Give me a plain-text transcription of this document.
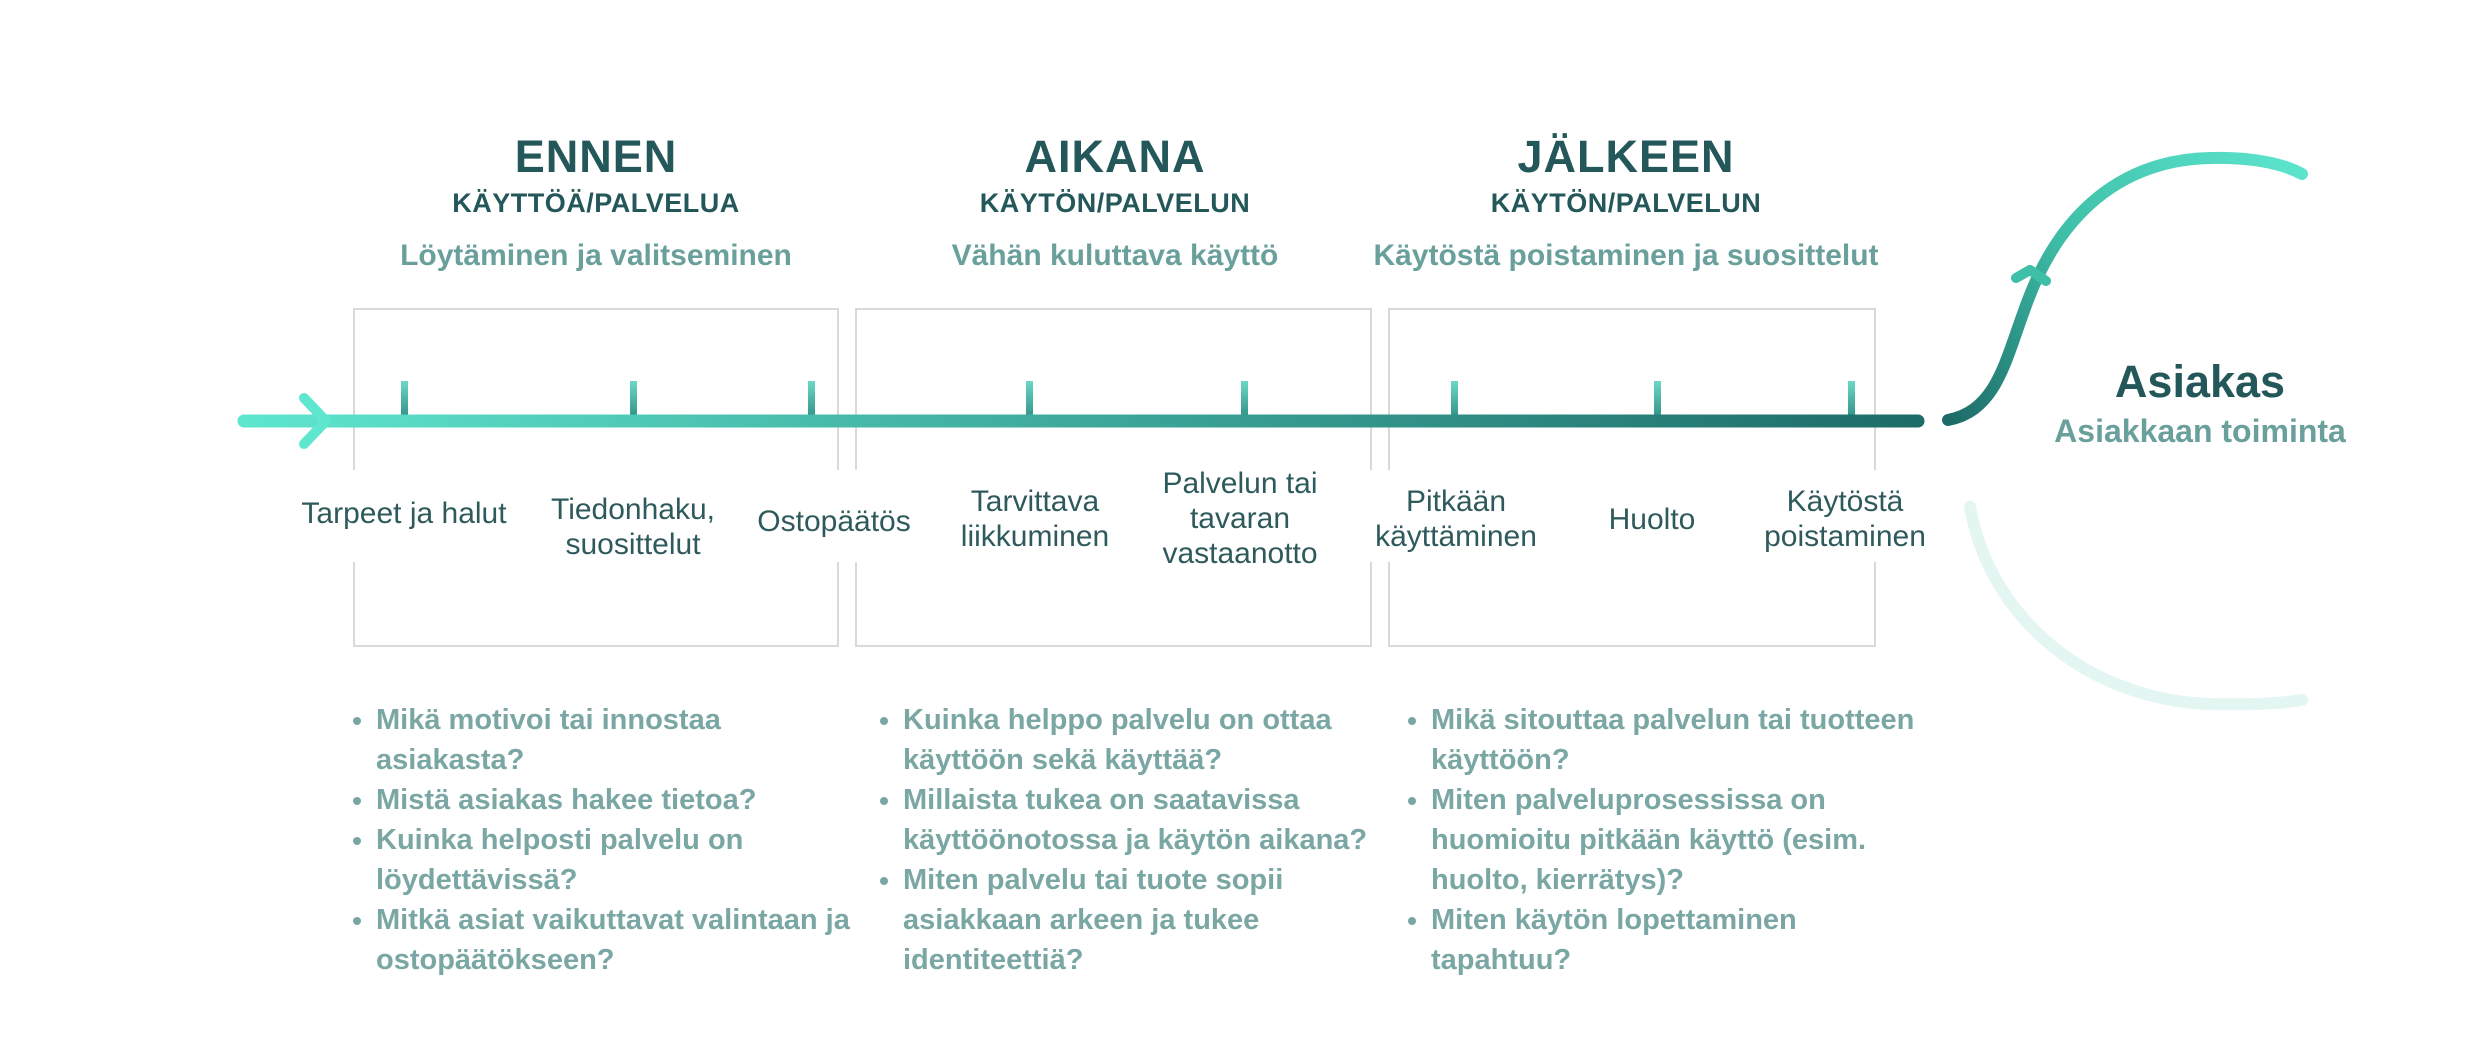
ENNEN
KÄYTTÖÄ/PALVELUA
Löytäminen ja valitseminen
AIKANA
KÄYTÖN/PALVELUN
Vähän kuluttava käyttö
JÄLKEEN
KÄYTÖN/PALVELUN
Käytöstä poistaminen ja suosittelut
Tarpeet ja halut	Tiedonhaku, suosittelut
Ostopäätös
Tarvittava liikkuminen
Palvelun tai tavaran vastaanotto
Pitkään käyttäminen
Huolto
Käytöstä poistaminen
• Mikä motivoi tai innostaa asiakasta?
• Mistä asiakas hakee tietoa?
• Kuinka helposti palvelu on löydettävissä?
• Mitkä asiat vaikuttavat valintaan ja ostopäätökseen?
• Kuinka helppo palvelu on ottaa käyttöön sekä käyttää?
• Millaista tukea on saatavissa käyttöönotossa ja käytön aikana?
• Miten palvelu tai tuote sopii asiakkaan arkeen ja tukee identiteettiä?
• Mikä sitouttaa palvelun tai tuotteen käyttöön?
• Miten palveluprosessissa on huomioitu pitkään käyttö (esim. huolto, kierrätys)?
• Miten käytön lopettaminen tapahtuu?
Asiakas
Asiakkaan toiminta
